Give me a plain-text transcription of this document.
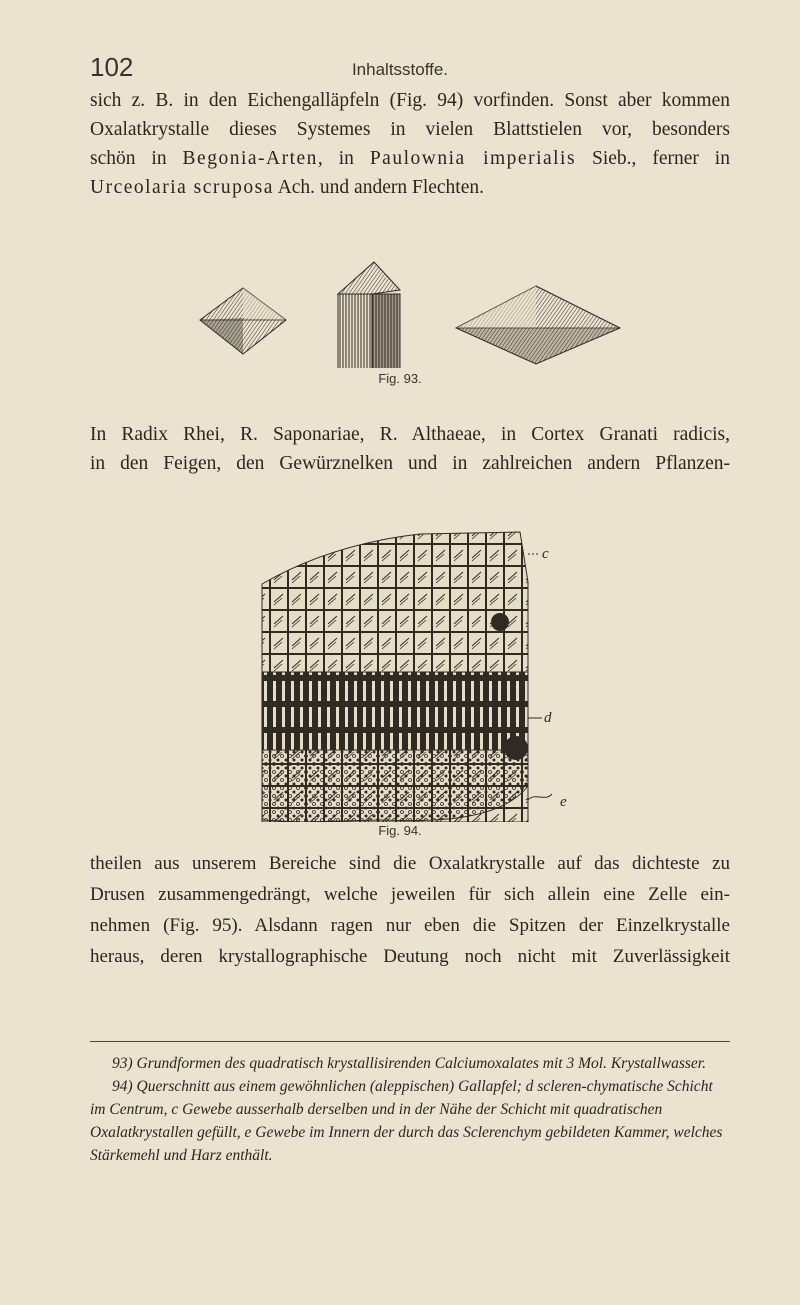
102	Inhaltsstoffe.
sich z. B. in den Eichengalläpfeln (Fig. 94) vorfinden. Sonst aber kommen
Oxalatkrystalle dieses Systemes in vielen Blattstielen vor, besonders
schön in Begonia-Arten, in Paulownia imperialis Sieb., ferner in
Urceolaria scruposa Ach. und andern Flechten.
Fig. 93.
In Radix Rhei, R. Saponariae, R. Althaeae, in Cortex Granati radicis,
in den Feigen, den Gewürznelken und in zahlreichen andern Pflanzen-
c
d
e
Fig. 94.
theilen aus unserem Bereiche sind die Oxalatkrystalle auf das dichteste zu
Drusen zusammengedrängt, welche jeweilen für sich allein eine Zelle ein-
nehmen (Fig. 95). Alsdann ragen nur eben die Spitzen der Einzelkrystalle
heraus, deren krystallographische Deutung noch nicht mit Zuverlässigkeit

93) Grundformen des quadratisch krystallisirenden Calciumoxalates mit 3 Mol. Krystallwasser.

94) Querschnitt aus einem gewöhnlichen (aleppischen) Gallapfel; d scleren-chymatische Schicht im Centrum, c Gewebe ausserhalb derselben und in der Nähe der Schicht mit quadratischen Oxalatkrystallen gefüllt, e Gewebe im Innern der durch das Sclerenchym gebildeten Kammer, welches Stärkemehl und Harz enthält.
